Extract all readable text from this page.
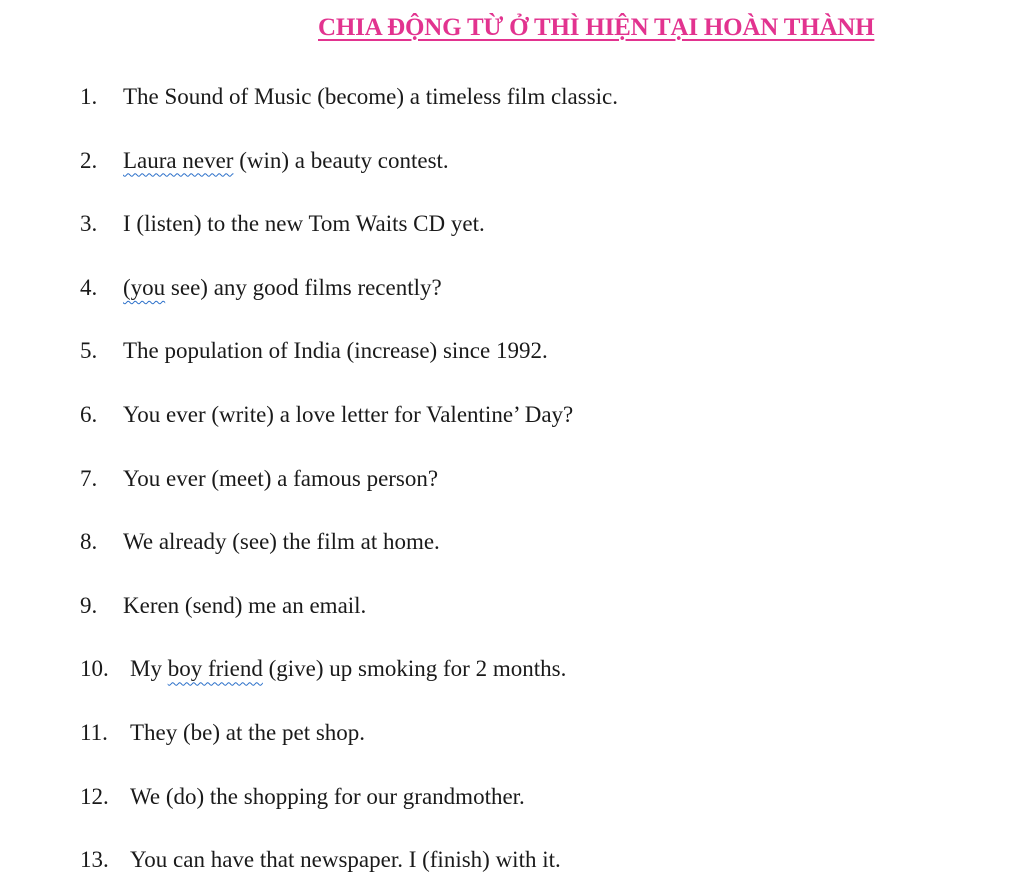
CHIA ĐỘNG TỪ Ở THÌ HIỆN TẠI HOÀN THÀNH
1. The Sound of Music (become) a timeless film classic.
2. Laura never (win) a beauty contest.
3. I (listen) to the new Tom Waits CD yet.
4. (you see) any good films recently?
5. The population of India (increase) since 1992.
6. You ever (write) a love letter for Valentine’ Day?
7. You ever (meet) a famous person?
8. We already (see) the film at home.
9. Keren (send) me an email.
10. My boy friend (give) up smoking for 2 months.
11. They (be) at the pet shop.
12. We (do) the shopping for our grandmother.
13. You can have that newspaper. I (finish) with it.
